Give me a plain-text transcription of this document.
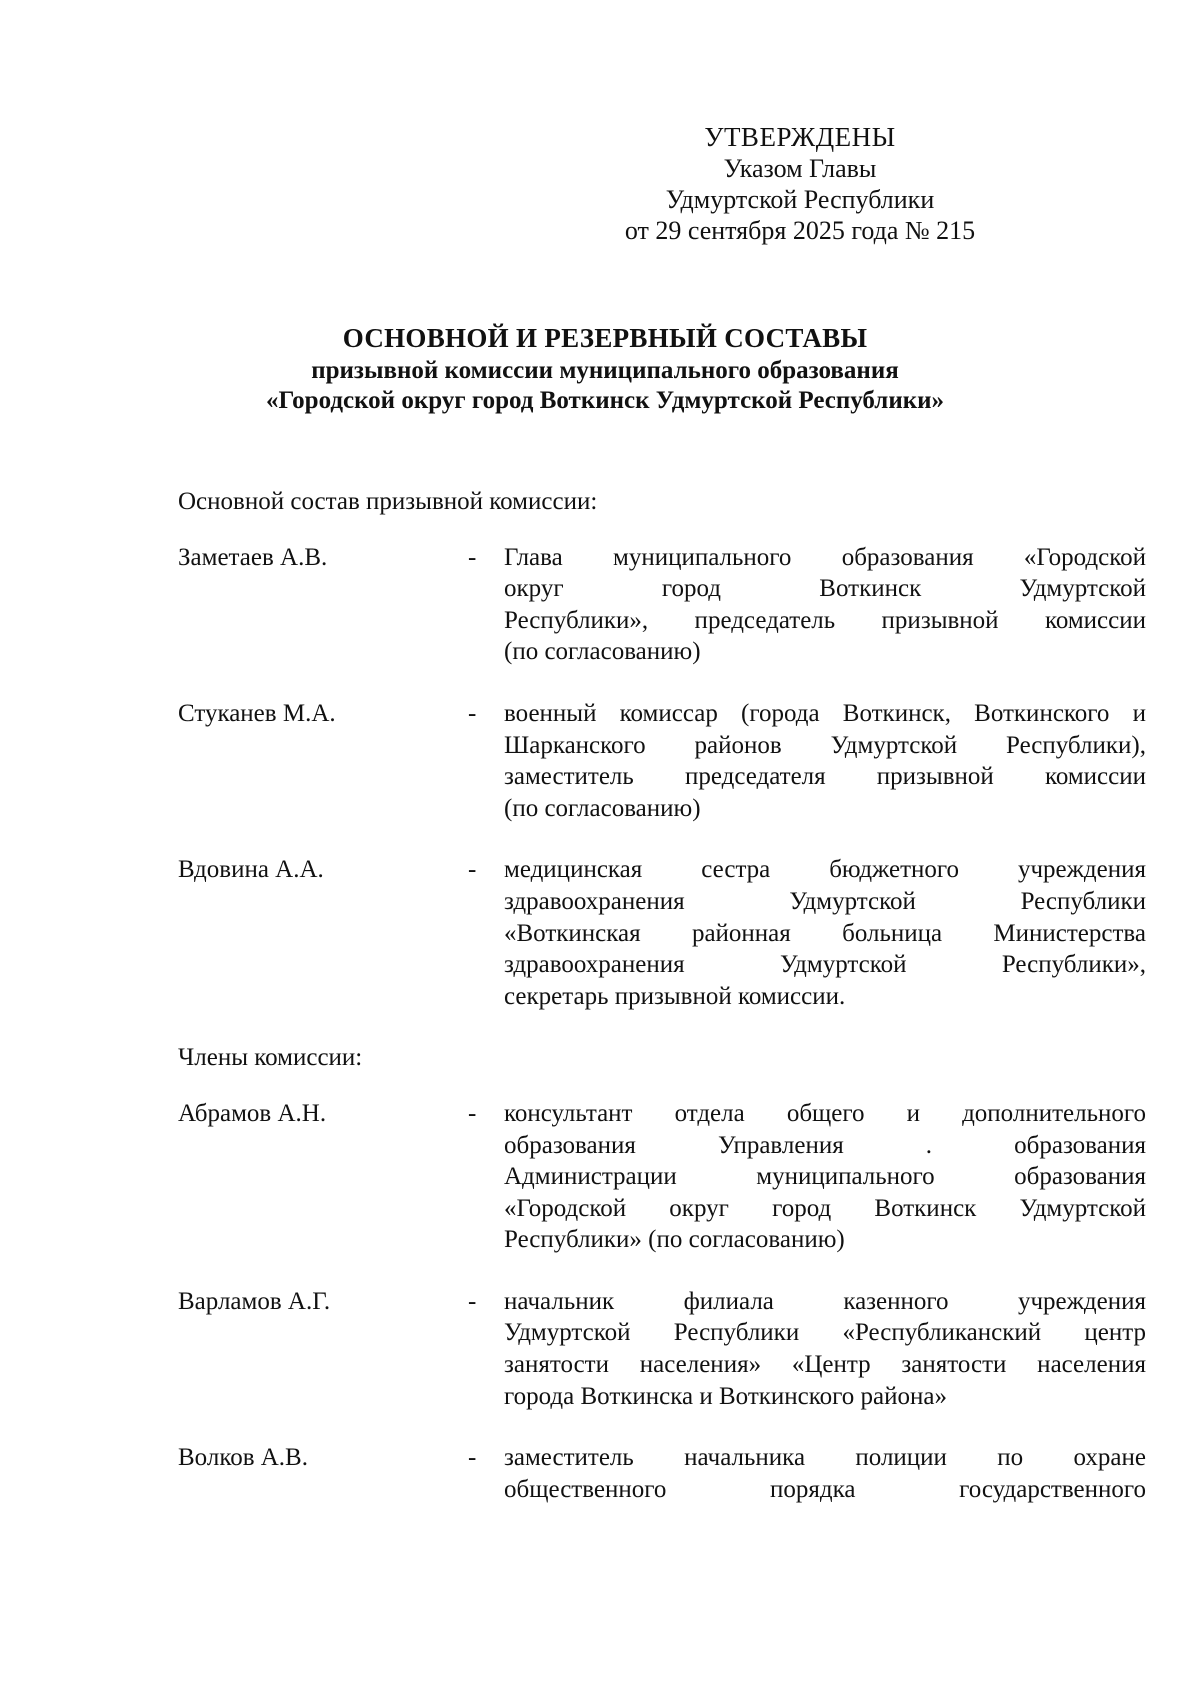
УТВЕРЖДЕНЫ
Указом Главы
Удмуртской Республики
от 29 сентября 2025 года № 215
ОСНОВНОЙ И РЕЗЕРВНЫЙ СОСТАВЫ
призывной комиссии муниципального образования
«Городской округ город Воткинск Удмуртской Республики»
Основной состав призывной комиссии:
Заметаев А.В.	-	Глава муниципального образования «Городской
округ город Воткинск Удмуртской
Республики», председатель призывной комиссии
(по согласованию)
Стуканев М.А.	-	военный комиссар (города Воткинск, Воткинского и
Шарканского районов Удмуртской Республики),
заместитель председателя призывной комиссии
(по согласованию)
Вдовина А.А.	-	медицинская сестра бюджетного учреждения
здравоохранения Удмуртской Республики
«Воткинская районная больница Министерства
здравоохранения Удмуртской Республики»,
секретарь призывной комиссии.
Члены комиссии:
Абрамов А.Н.	-	консультант отдела общего и дополнительного
образования Управления . образования
Администрации муниципального образования
«Городской округ город Воткинск Удмуртской
Республики» (по согласованию)
Варламов А.Г.	-	начальник филиала казенного учреждения
Удмуртской Республики «Республиканский центр
занятости населения» «Центр занятости населения
города Воткинска и Воткинского района»
Волков А.В.	-	заместитель начальника полиции по охране
общественного порядка государственного
